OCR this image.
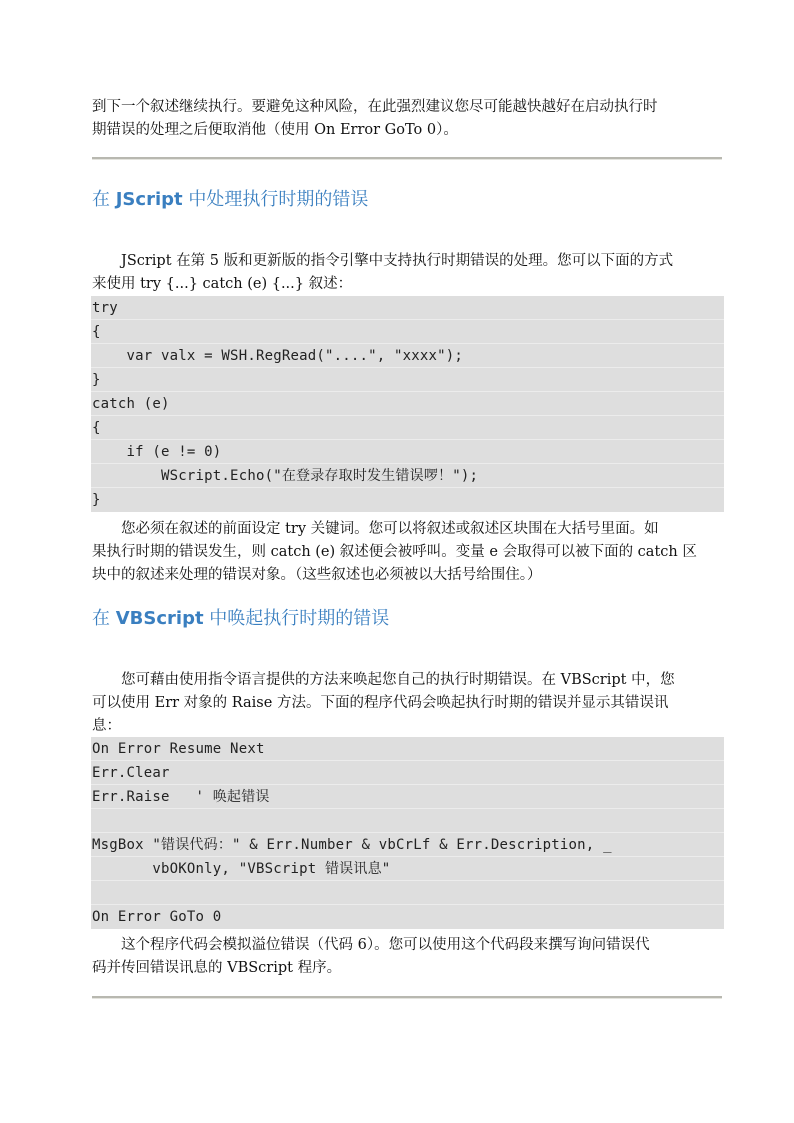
到下一个叙述继续执行。要避免这种风险，在此强烈建议您尽可能越快越好在启动执行时

期错误的处理之后便取消他（使用 On Error GoTo 0）。

在 JScript 中处理执行时期的错误

JScript 在第 5 版和更新版的指令引擎中支持执行时期错误的处理。您可以下面的方式

来使用 try {...} catch (e) {...} 叙述：

try
{
var valx = WSH.RegRead("....", "xxxx");
}
catch (e)
{
if (e != 0)
WScript.Echo("在登录存取时发生错误啰！");
}

您必须在叙述的前面设定 try 关键词。您可以将叙述或叙述区块围在大括号里面。如

果执行时期的错误发生，则 catch (e) 叙述便会被呼叫。变量 e 会取得可以被下面的 catch 区

块中的叙述来处理的错误对象。（这些叙述也必须被以大括号给围住。）

在 VBScript 中唤起执行时期的错误

您可藉由使用指令语言提供的方法来唤起您自己的执行时期错误。在 VBScript 中，您

可以使用 Err 对象的 Raise 方法。下面的程序代码会唤起执行时期的错误并显示其错误讯

息：

On Error Resume Next
Err.Clear
Err.Raise   ' 唤起错误
MsgBox "错误代码：" & Err.Number & vbCrLf & Err.Description, _
vbOKOnly, "VBScript 错误讯息"
On Error GoTo 0

这个程序代码会模拟溢位错误（代码 6）。您可以使用这个代码段来撰写询问错误代

码并传回错误讯息的 VBScript 程序。
